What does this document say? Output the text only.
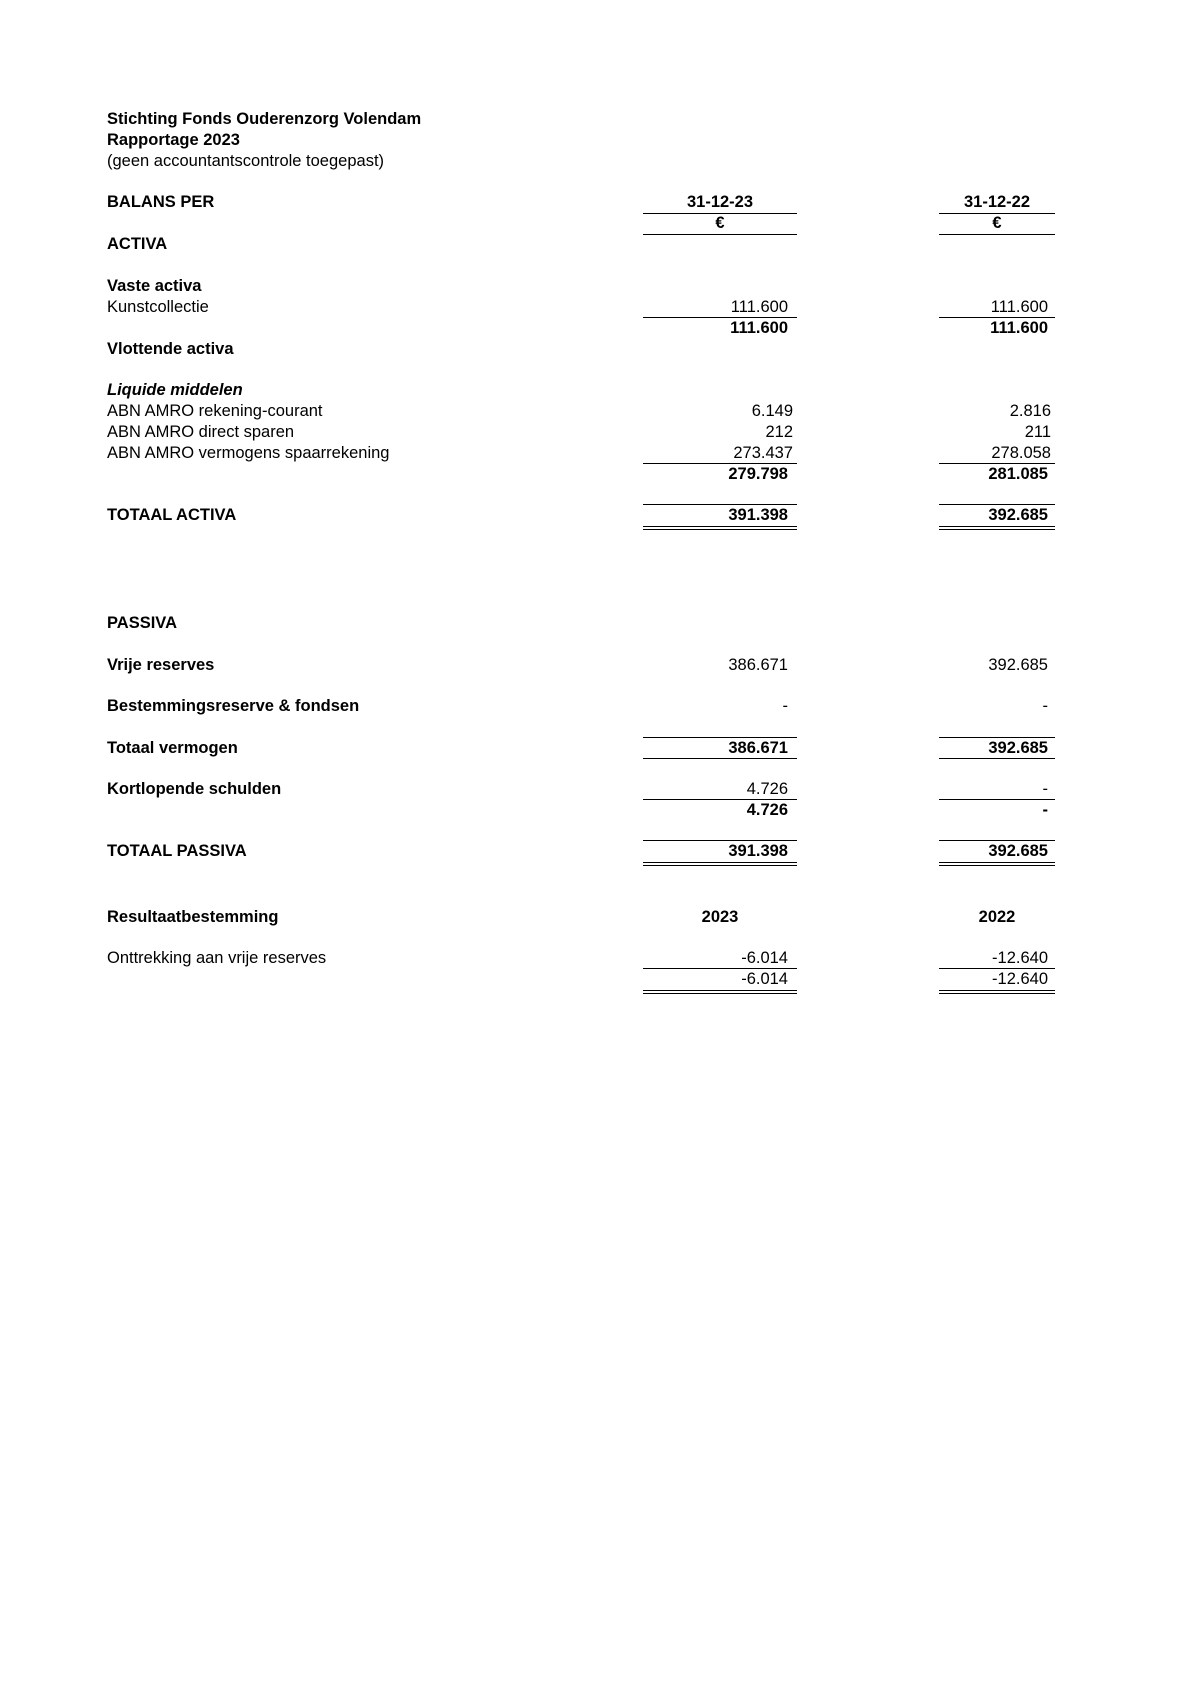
Stichting Fonds Ouderenzorg Volendam
Rapportage 2023
(geen accountantscontrole toegepast)
BALANS PER	31-12-23	31-12-22
€	€
ACTIVA
Vaste activa
Kunstcollectie	111.600	111.600
111.600	111.600
Vlottende activa
Liquide middelen
ABN AMRO rekening-courant	6.149	2.816
ABN AMRO direct sparen	212	211
ABN AMRO vermogens spaarrekening	273.437	278.058
279.798	281.085
TOTAAL ACTIVA	391.398	392.685
PASSIVA
Vrije reserves	386.671	392.685
Bestemmingsreserve & fondsen	-	-
Totaal vermogen	386.671	392.685
Kortlopende schulden	4.726	-
4.726	-
TOTAAL PASSIVA	391.398	392.685
Resultaatbestemming	2023	2022
Onttrekking aan vrije reserves	-6.014	-12.640
-6.014	-12.640
